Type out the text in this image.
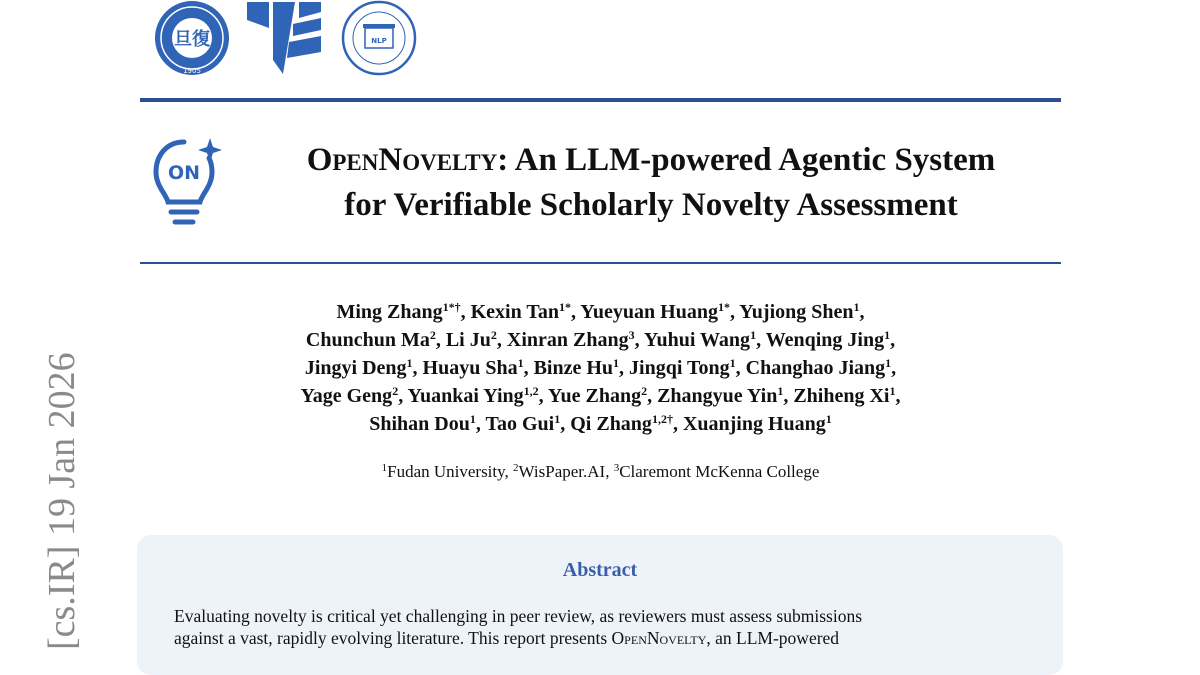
旦復
1905
NLP
ON	OpenNovelty: An LLM-powered Agentic System
for Verifiable Scholarly Novelty Assessment
Ming Zhang$^{1*\dagger}$, Kexin Tan$^{1*}$, Yueyuan Huang$^{1*}$, Yujiong Shen$^1$,
Chunchun Ma$^2$, Li Ju$^2$, Xinran Zhang$^3$, Yuhui Wang$^1$, Wenqing Jing$^1$,
Jingyi Deng$^1$, Huayu Sha$^1$, Binze Hu$^1$, Jingqi Tong$^1$, Changhao Jiang$^1$,
Yage Geng$^2$, Yuankai Ying$^{1,2}$, Yue Zhang$^2$, Zhangyue Yin$^1$, Zhiheng Xi$^1$,
Shihan Dou$^1$, Tao Gui$^1$, Qi Zhang$^{1,2\dagger}$, Xuanjing Huang$^1$
$^1$Fudan University, $^2$WisPaper.AI, $^3$Claremont McKenna College
Abstract
Evaluating novelty is critical yet challenging in peer review, as reviewers must assess submissions
against a vast, rapidly evolving literature. This report presents OpenNovelty, an LLM-powered
[cs.IR] 19 Jan 2026
